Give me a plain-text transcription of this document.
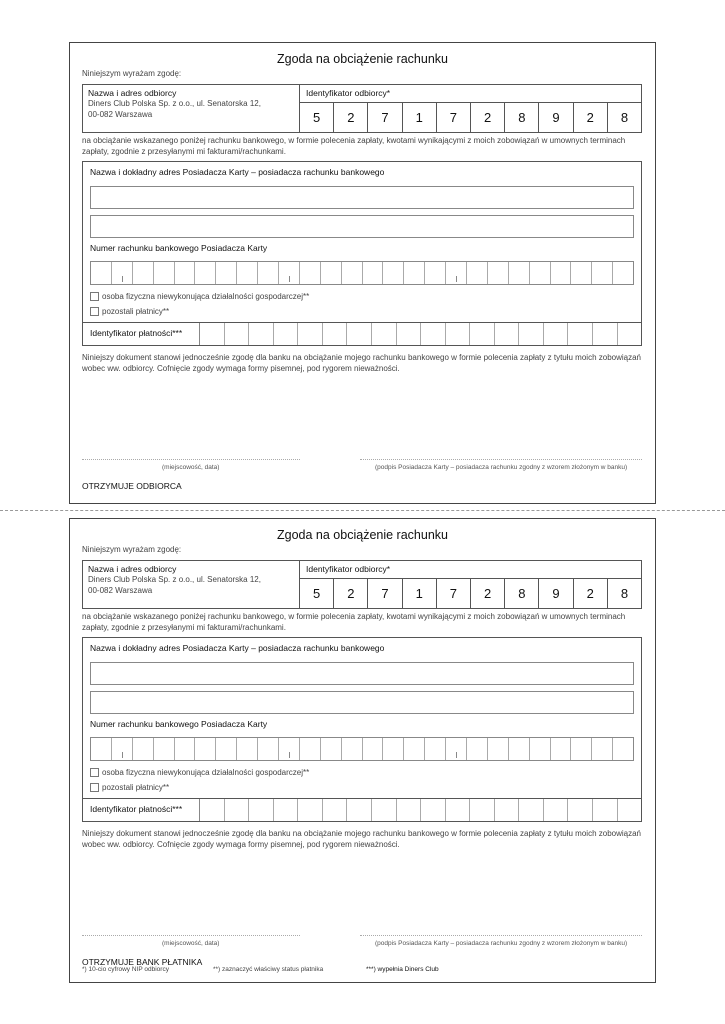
Zgoda na obciążenie rachunku
Niniejszym wyrażam zgodę:
Nazwa i adres odbiorcy
Diners Club Polska Sp. z o.o., ul. Senatorska 12,
00-082 Warszawa
Identyfikator odbiorcy*
5	2	7	1	7	2	8	9	2	8
na obciążanie wskazanego poniżej rachunku bankowego, w formie polecenia zapłaty, kwotami wynikającymi z moich zobowiązań w umownych terminach zapłaty, zgodnie z przesyłanymi mi fakturami/rachunkami.
Nazwa i dokładny adres Posiadacza Karty – posiadacza rachunku bankowego
Numer rachunku bankowego Posiadacza Karty
osoba fizyczna niewykonująca działalności gospodarczej**
pozostali płatnicy**
Identyfikator płatności***
Niniejszy dokument stanowi jednocześnie zgodę dla banku na obciążanie mojego rachunku bankowego w formie polecenia zapłaty z tytułu moich zobowiązań wobec ww. odbiorcy. Cofnięcie zgody wymaga formy pisemnej, pod rygorem nieważności.
(miejscowość, data)	(podpis Posiadacza Karty – posiadacza rachunku zgodny z wzorem złożonym w banku)
OTRZYMUJE ODBIORCA
Zgoda na obciążenie rachunku
Niniejszym wyrażam zgodę:
Nazwa i adres odbiorcy
Diners Club Polska Sp. z o.o., ul. Senatorska 12,
00-082 Warszawa
Identyfikator odbiorcy*
5	2	7	1	7	2	8	9	2	8
na obciążanie wskazanego poniżej rachunku bankowego, w formie polecenia zapłaty, kwotami wynikającymi z moich zobowiązań w umownych terminach zapłaty, zgodnie z przesyłanymi mi fakturami/rachunkami.
Nazwa i dokładny adres Posiadacza Karty – posiadacza rachunku bankowego
Numer rachunku bankowego Posiadacza Karty
osoba fizyczna niewykonująca działalności gospodarczej**
pozostali płatnicy**
Identyfikator płatności***
Niniejszy dokument stanowi jednocześnie zgodę dla banku na obciążanie mojego rachunku bankowego w formie polecenia zapłaty z tytułu moich zobowiązań wobec ww. odbiorcy. Cofnięcie zgody wymaga formy pisemnej, pod rygorem nieważności.
(miejscowość, data)	(podpis Posiadacza Karty – posiadacza rachunku zgodny z wzorem złożonym w banku)
OTRZYMUJE BANK PŁATNIKA
*) 10-cio cyfrowy NIP odbiorcy	**) zaznaczyć właściwy status płatnika	***) wypełnia Diners Club
